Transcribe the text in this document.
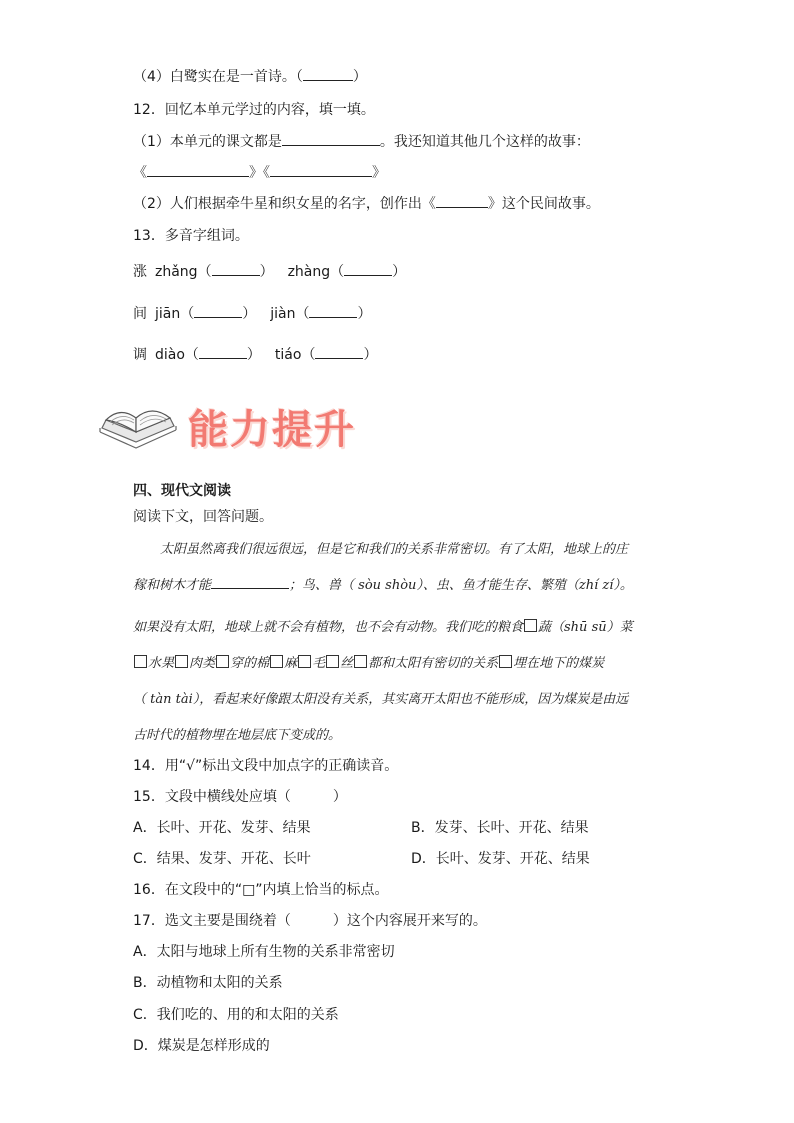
（4）白鹭实在是一首诗。（	）
12．回忆本单元学过的内容，填一填。
（1）本单元的课文都是	。我还知道其他几个这样的故事：
《	》《	》
（2）人们根据牵牛星和织女星的名字，创作出《	》这个民间故事。
13．多音字组词。
涨 zhǎng（	） zhàng（	）
间 jiān（	） jiàn（	）
调 diào（	） tiáo（	）
能力提升
四、现代文阅读
阅读下文，回答问题。
太阳虽然离我们很远很远，但是它和我们的关系非常密切。有了太阳，地球上的庄
稼和树木才能	；鸟、兽（ sòu shòu）、虫、鱼才能生存、繁殖（zhí zí）。
如果没有太阳，地球上就不会有植物，也不会有动物。我们吃的粮食 蔬（shū sū）菜
水果 肉类 穿的棉 麻 毛 丝 都和太阳有密切的关系 埋在地下的煤炭
（ tàn tài），看起来好像跟太阳没有关系，其实离开太阳也不能形成，因为煤炭是由远
古时代的植物埋在地层底下变成的。
14．用“√”标出文段中加点字的正确读音。
15．文段中横线处应填（　　　）
A．长叶、开花、发芽、结果	B．发芽、长叶、开花、结果
C．结果、发芽、开花、长叶	D．长叶、发芽、开花、结果
16．在文段中的“□”内填上恰当的标点。
17．选文主要是围绕着（　　　）这个内容展开来写的。
A．太阳与地球上所有生物的关系非常密切
B．动植物和太阳的关系
C．我们吃的、用的和太阳的关系
D．煤炭是怎样形成的
